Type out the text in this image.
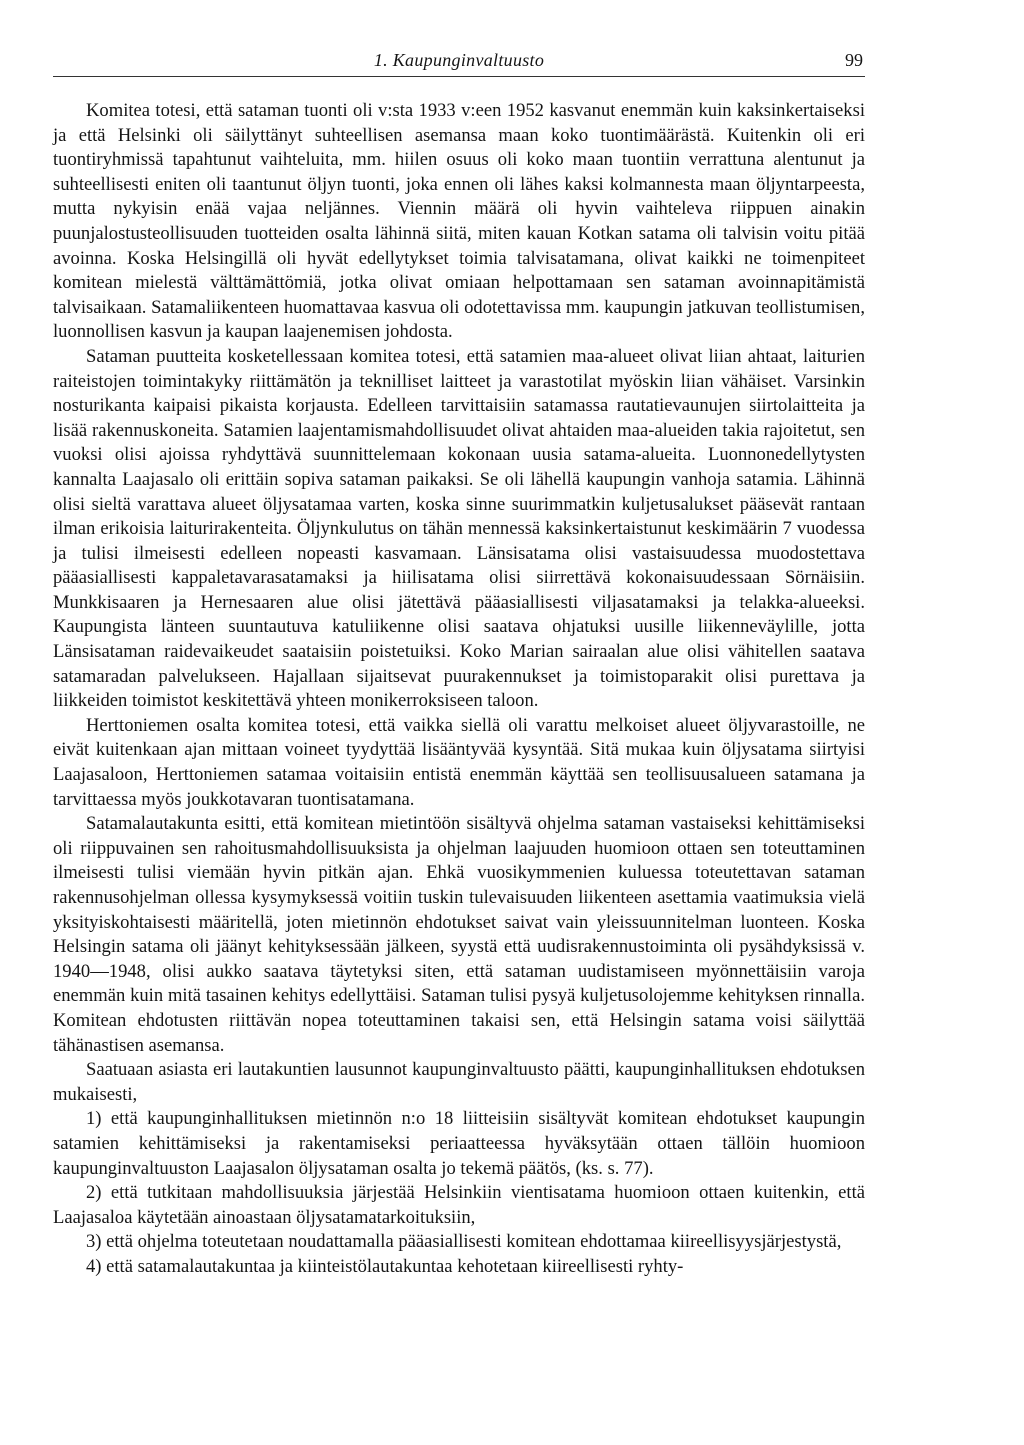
1. Kaupunginvaltuusto	99

Komitea totesi, että sataman tuonti oli v:sta 1933 v:een 1952 kasvanut enemmän kuin kaksinkertaiseksi ja että Helsinki oli säilyttänyt suhteellisen asemansa maan koko tuontimäärästä. Kuitenkin oli eri tuontiryhmissä tapahtunut vaihteluita, mm. hiilen osuus oli koko maan tuontiin verrattuna alentunut ja suhteellisesti eniten oli taantunut öljyn tuonti, joka ennen oli lähes kaksi kolmannesta maan öljyntarpeesta, mutta nykyisin enää vajaa neljännes. Viennin määrä oli hyvin vaihteleva riippuen ainakin puunjalostusteollisuuden tuotteiden osalta lähinnä siitä, miten kauan Kotkan satama oli talvisin voitu pitää avoinna. Koska Helsingillä oli hyvät edellytykset toimia talvisatamana, olivat kaikki ne toimenpiteet komitean mielestä välttämättömiä, jotka olivat omiaan helpottamaan sen sataman avoinnapitämistä talvisaikaan. Satamaliikenteen huomattavaa kasvua oli odotettavissa mm. kaupungin jatkuvan teollistumisen, luonnollisen kasvun ja kaupan laajenemisen johdosta.

Sataman puutteita kosketellessaan komitea totesi, että satamien maa-alueet olivat liian ahtaat, laiturien raiteistojen toimintakyky riittämätön ja teknilliset laitteet ja varastotilat myöskin liian vähäiset. Varsinkin nosturikanta kaipaisi pikaista korjausta. Edelleen tarvittaisiin satamassa rautatievaunujen siirtolaitteita ja lisää rakennuskoneita. Satamien laajentamismahdollisuudet olivat ahtaiden maa-alueiden takia rajoitetut, sen vuoksi olisi ajoissa ryhdyttävä suunnittelemaan kokonaan uusia satama-alueita. Luonnonedellytysten kannalta Laajasalo oli erittäin sopiva sataman paikaksi. Se oli lähellä kaupungin vanhoja satamia. Lähinnä olisi sieltä varattava alueet öljysatamaa varten, koska sinne suurimmatkin kuljetusalukset pääsevät rantaan ilman erikoisia laiturirakenteita. Öljynkulutus on tähän mennessä kaksinkertaistunut keskimäärin 7 vuodessa ja tulisi ilmeisesti edelleen nopeasti kasvamaan. Länsisatama olisi vastaisuudessa muodostettava pääasiallisesti kappaletavarasatamaksi ja hiilisatama olisi siirrettävä kokonaisuudessaan Sörnäisiin. Munkkisaaren ja Hernesaaren alue olisi jätettävä pääasiallisesti viljasatamaksi ja telakka-alueeksi. Kaupungista länteen suuntautuva katuliikenne olisi saatava ohjatuksi uusille liikenneväylille, jotta Länsisataman raidevaikeudet saataisiin poistetuiksi. Koko Marian sairaalan alue olisi vähitellen saatava satamaradan palvelukseen. Hajallaan sijaitsevat puurakennukset ja toimistoparakit olisi purettava ja liikkeiden toimistot keskitettävä yhteen monikerroksiseen taloon.

Herttoniemen osalta komitea totesi, että vaikka siellä oli varattu melkoiset alueet öljyvarastoille, ne eivät kuitenkaan ajan mittaan voineet tyydyttää lisääntyvää kysyntää. Sitä mukaa kuin öljysatama siirtyisi Laajasaloon, Herttoniemen satamaa voitaisiin entistä enemmän käyttää sen teollisuusalueen satamana ja tarvittaessa myös joukkotavaran tuontisatamana.

Satamalautakunta esitti, että komitean mietintöön sisältyvä ohjelma sataman vastaiseksi kehittämiseksi oli riippuvainen sen rahoitusmahdollisuuksista ja ohjelman laajuuden huomioon ottaen sen toteuttaminen ilmeisesti tulisi viemään hyvin pitkän ajan. Ehkä vuosikymmenien kuluessa toteutettavan sataman rakennusohjelman ollessa kysymyksessä voitiin tuskin tulevaisuuden liikenteen asettamia vaatimuksia vielä yksityiskohtaisesti määritellä, joten mietinnön ehdotukset saivat vain yleissuunnitelman luonteen. Koska Helsingin satama oli jäänyt kehityksessään jälkeen, syystä että uudisrakennustoiminta oli pysähdyksissä v. 1940—1948, olisi aukko saatava täytetyksi siten, että sataman uudistamiseen myönnettäisiin varoja enemmän kuin mitä tasainen kehitys edellyttäisi. Sataman tulisi pysyä kuljetusolojemme kehityksen rinnalla. Komitean ehdotusten riittävän nopea toteuttaminen takaisi sen, että Helsingin satama voisi säilyttää tähänastisen asemansa.

Saatuaan asiasta eri lautakuntien lausunnot kaupunginvaltuusto päätti, kaupunginhallituksen ehdotuksen mukaisesti,

1) että kaupunginhallituksen mietinnön n:o 18 liitteisiin sisältyvät komitean ehdotukset kaupungin satamien kehittämiseksi ja rakentamiseksi periaatteessa hyväksytään ottaen tällöin huomioon kaupunginvaltuuston Laajasalon öljysataman osalta jo tekemä päätös, (ks. s. 77).

2) että tutkitaan mahdollisuuksia järjestää Helsinkiin vientisatama huomioon ottaen kuitenkin, että Laajasaloa käytetään ainoastaan öljysatamatarkoituksiin,

3) että ohjelma toteutetaan noudattamalla pääasiallisesti komitean ehdottamaa kiireellisyysjärjestystä,

4) että satamalautakuntaa ja kiinteistölautakuntaa kehotetaan kiireellisesti ryhty-
